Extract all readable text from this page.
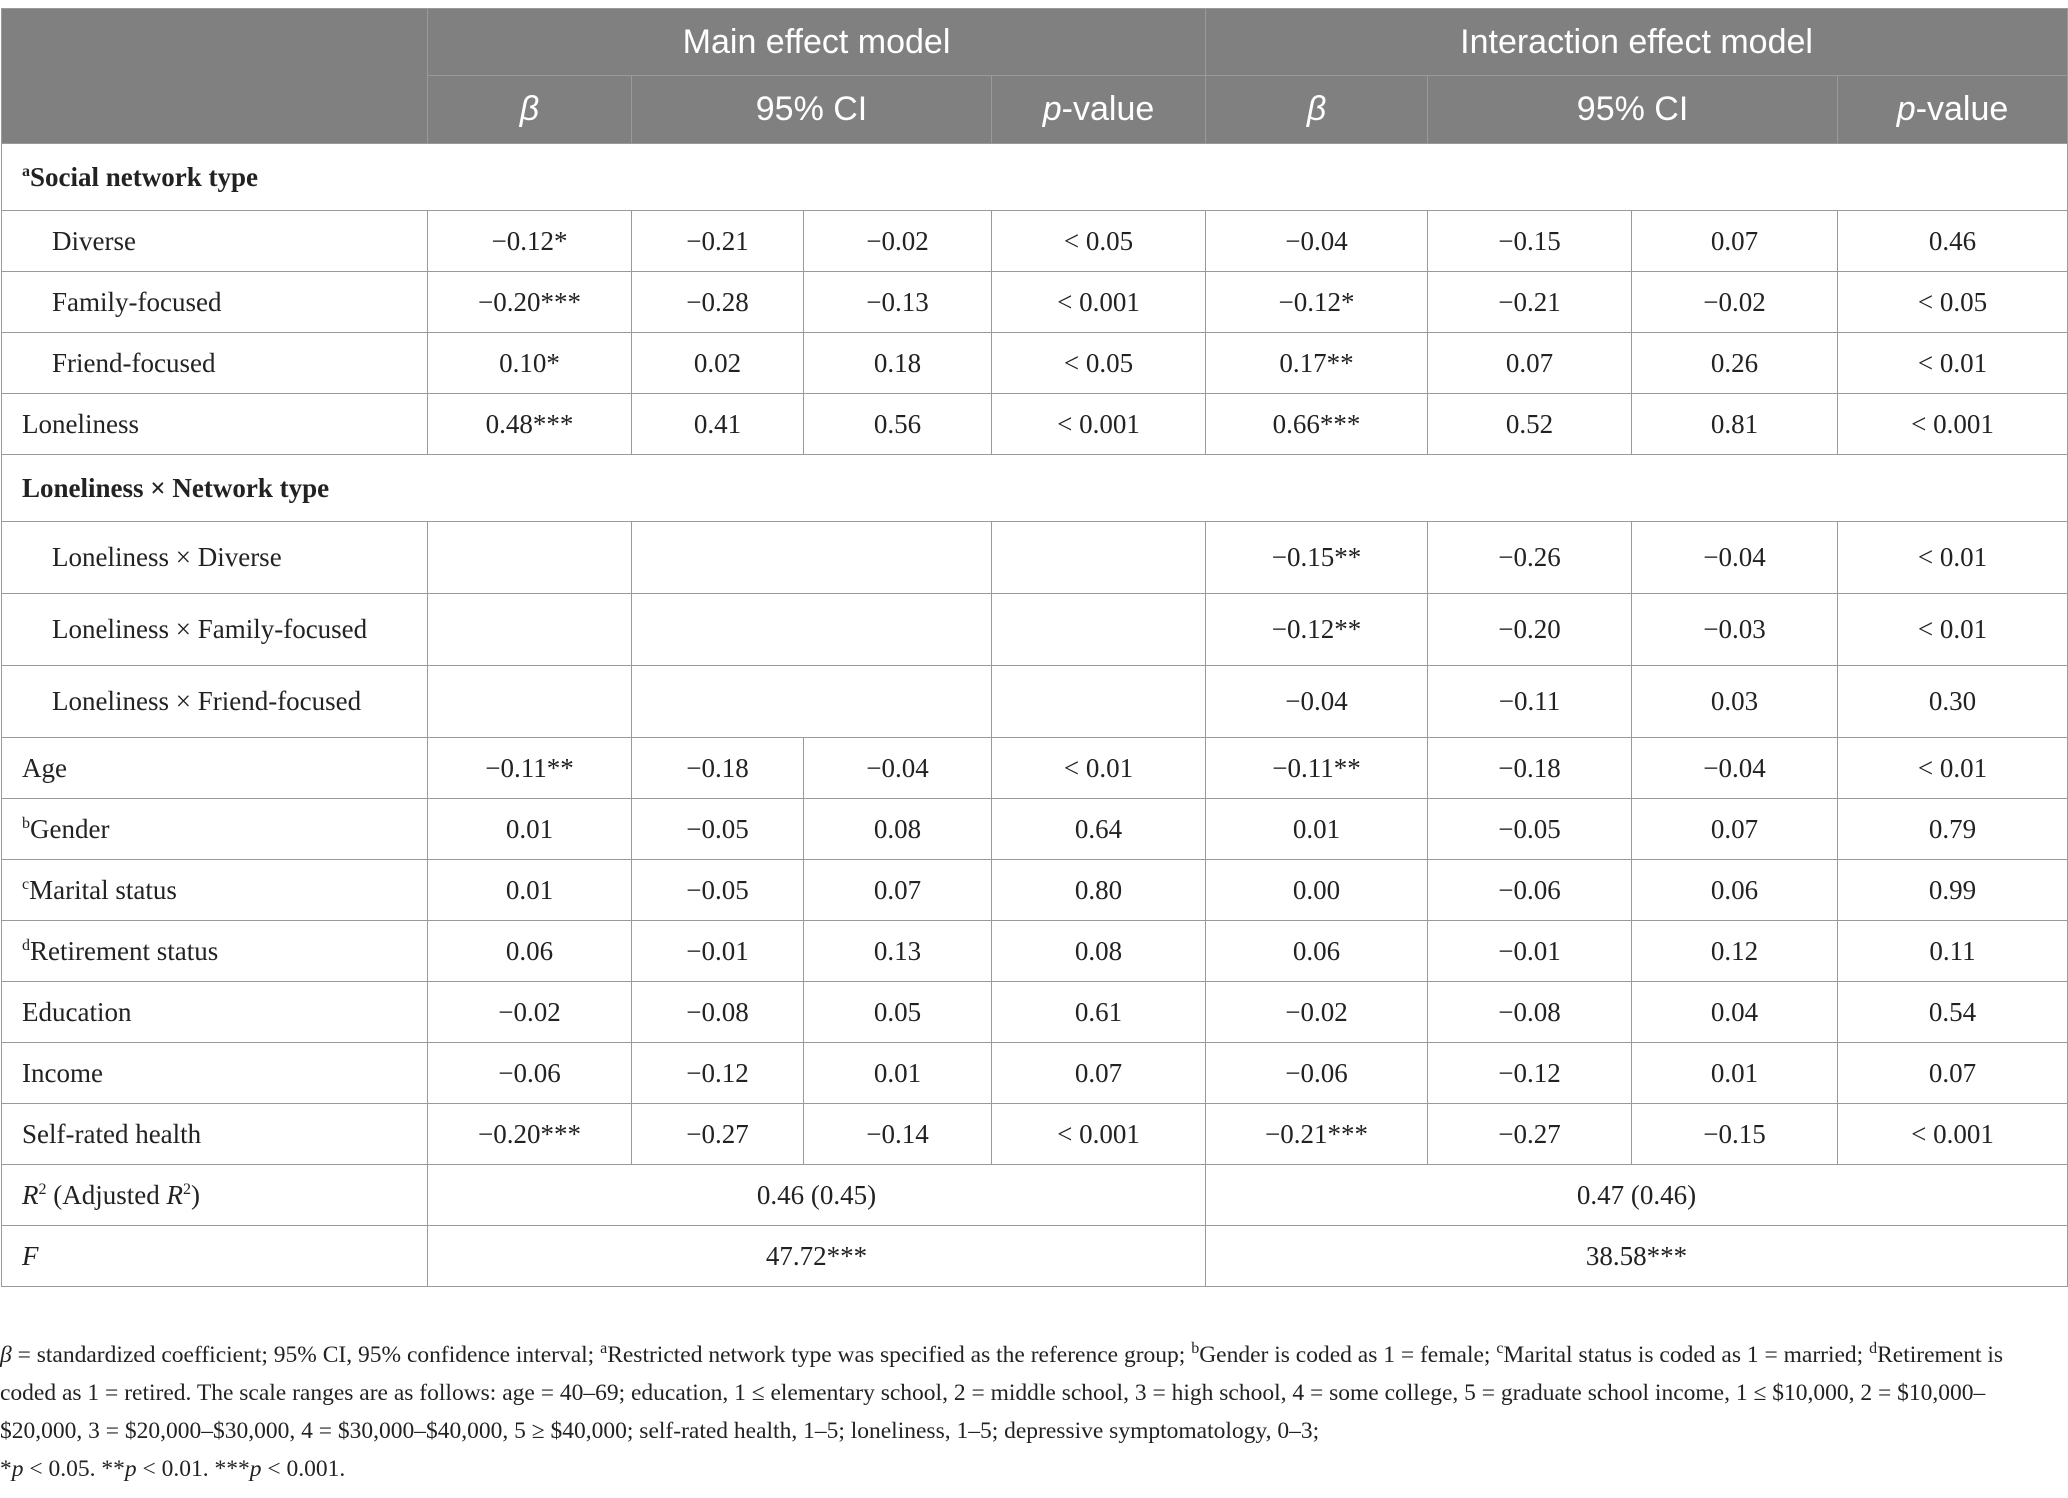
	Main effect model				Interaction effect model			
	β	95% CI		p-value	β	95% CI		p-value
$^a$Social network type								
Diverse	−0.12*	−0.21	−0.02	< 0.05	−0.04	−0.15	0.07	0.46
Family-focused	−0.20***	−0.28	−0.13	< 0.001	−0.12*	−0.21	−0.02	< 0.05
Friend-focused	0.10*	0.02	0.18	< 0.05	0.17**	0.07	0.26	< 0.01
Loneliness	0.48***	0.41	0.56	< 0.001	0.66***	0.52	0.81	< 0.001
Loneliness × Network type								
Loneliness × Diverse					−0.15**	−0.26	−0.04	< 0.01
Loneliness × Family-focused					−0.12**	−0.20	−0.03	< 0.01
Loneliness × Friend-focused					−0.04	−0.11	0.03	0.30
Age	−0.11**	−0.18	−0.04	< 0.01	−0.11**	−0.18	−0.04	< 0.01
$^b$Gender	0.01	−0.05	0.08	0.64	0.01	−0.05	0.07	0.79
$^c$Marital status	0.01	−0.05	0.07	0.80	0.00	−0.06	0.06	0.99
$^d$Retirement status	0.06	−0.01	0.13	0.08	0.06	−0.01	0.12	0.11
Education	−0.02	−0.08	0.05	0.61	−0.02	−0.08	0.04	0.54
Income	−0.06	−0.12	0.01	0.07	−0.06	−0.12	0.01	0.07
Self-rated health	−0.20***	−0.27	−0.14	< 0.001	−0.21***	−0.27	−0.15	< 0.001
$R^2$ (Adjusted $R^2$)	0.46 (0.45)				0.47 (0.46)			
F	47.72***				38.58***			

β = standardized coefficient; 95% CI, 95% confidence interval; $^a$Restricted network type was specified as the reference group; $^b$Gender is coded as 1 = female; $^c$Marital status is coded as 1 = married; $^d$Retirement is coded as 1 = retired. The scale ranges are as follows: age = 40–69; education, 1 ≤ elementary school, 2 = middle school, 3 = high school, 4 = some college, 5 = graduate school income, 1 ≤ $10,000, 2 = $10,000–$20,000, 3 = $20,000–$30,000, 4 = $30,000–$40,000, 5 ≥ $40,000; self-rated health, 1–5; loneliness, 1–5; depressive symptomatology, 0–3;

*p < 0.05. **p < 0.01. ***p < 0.001.
